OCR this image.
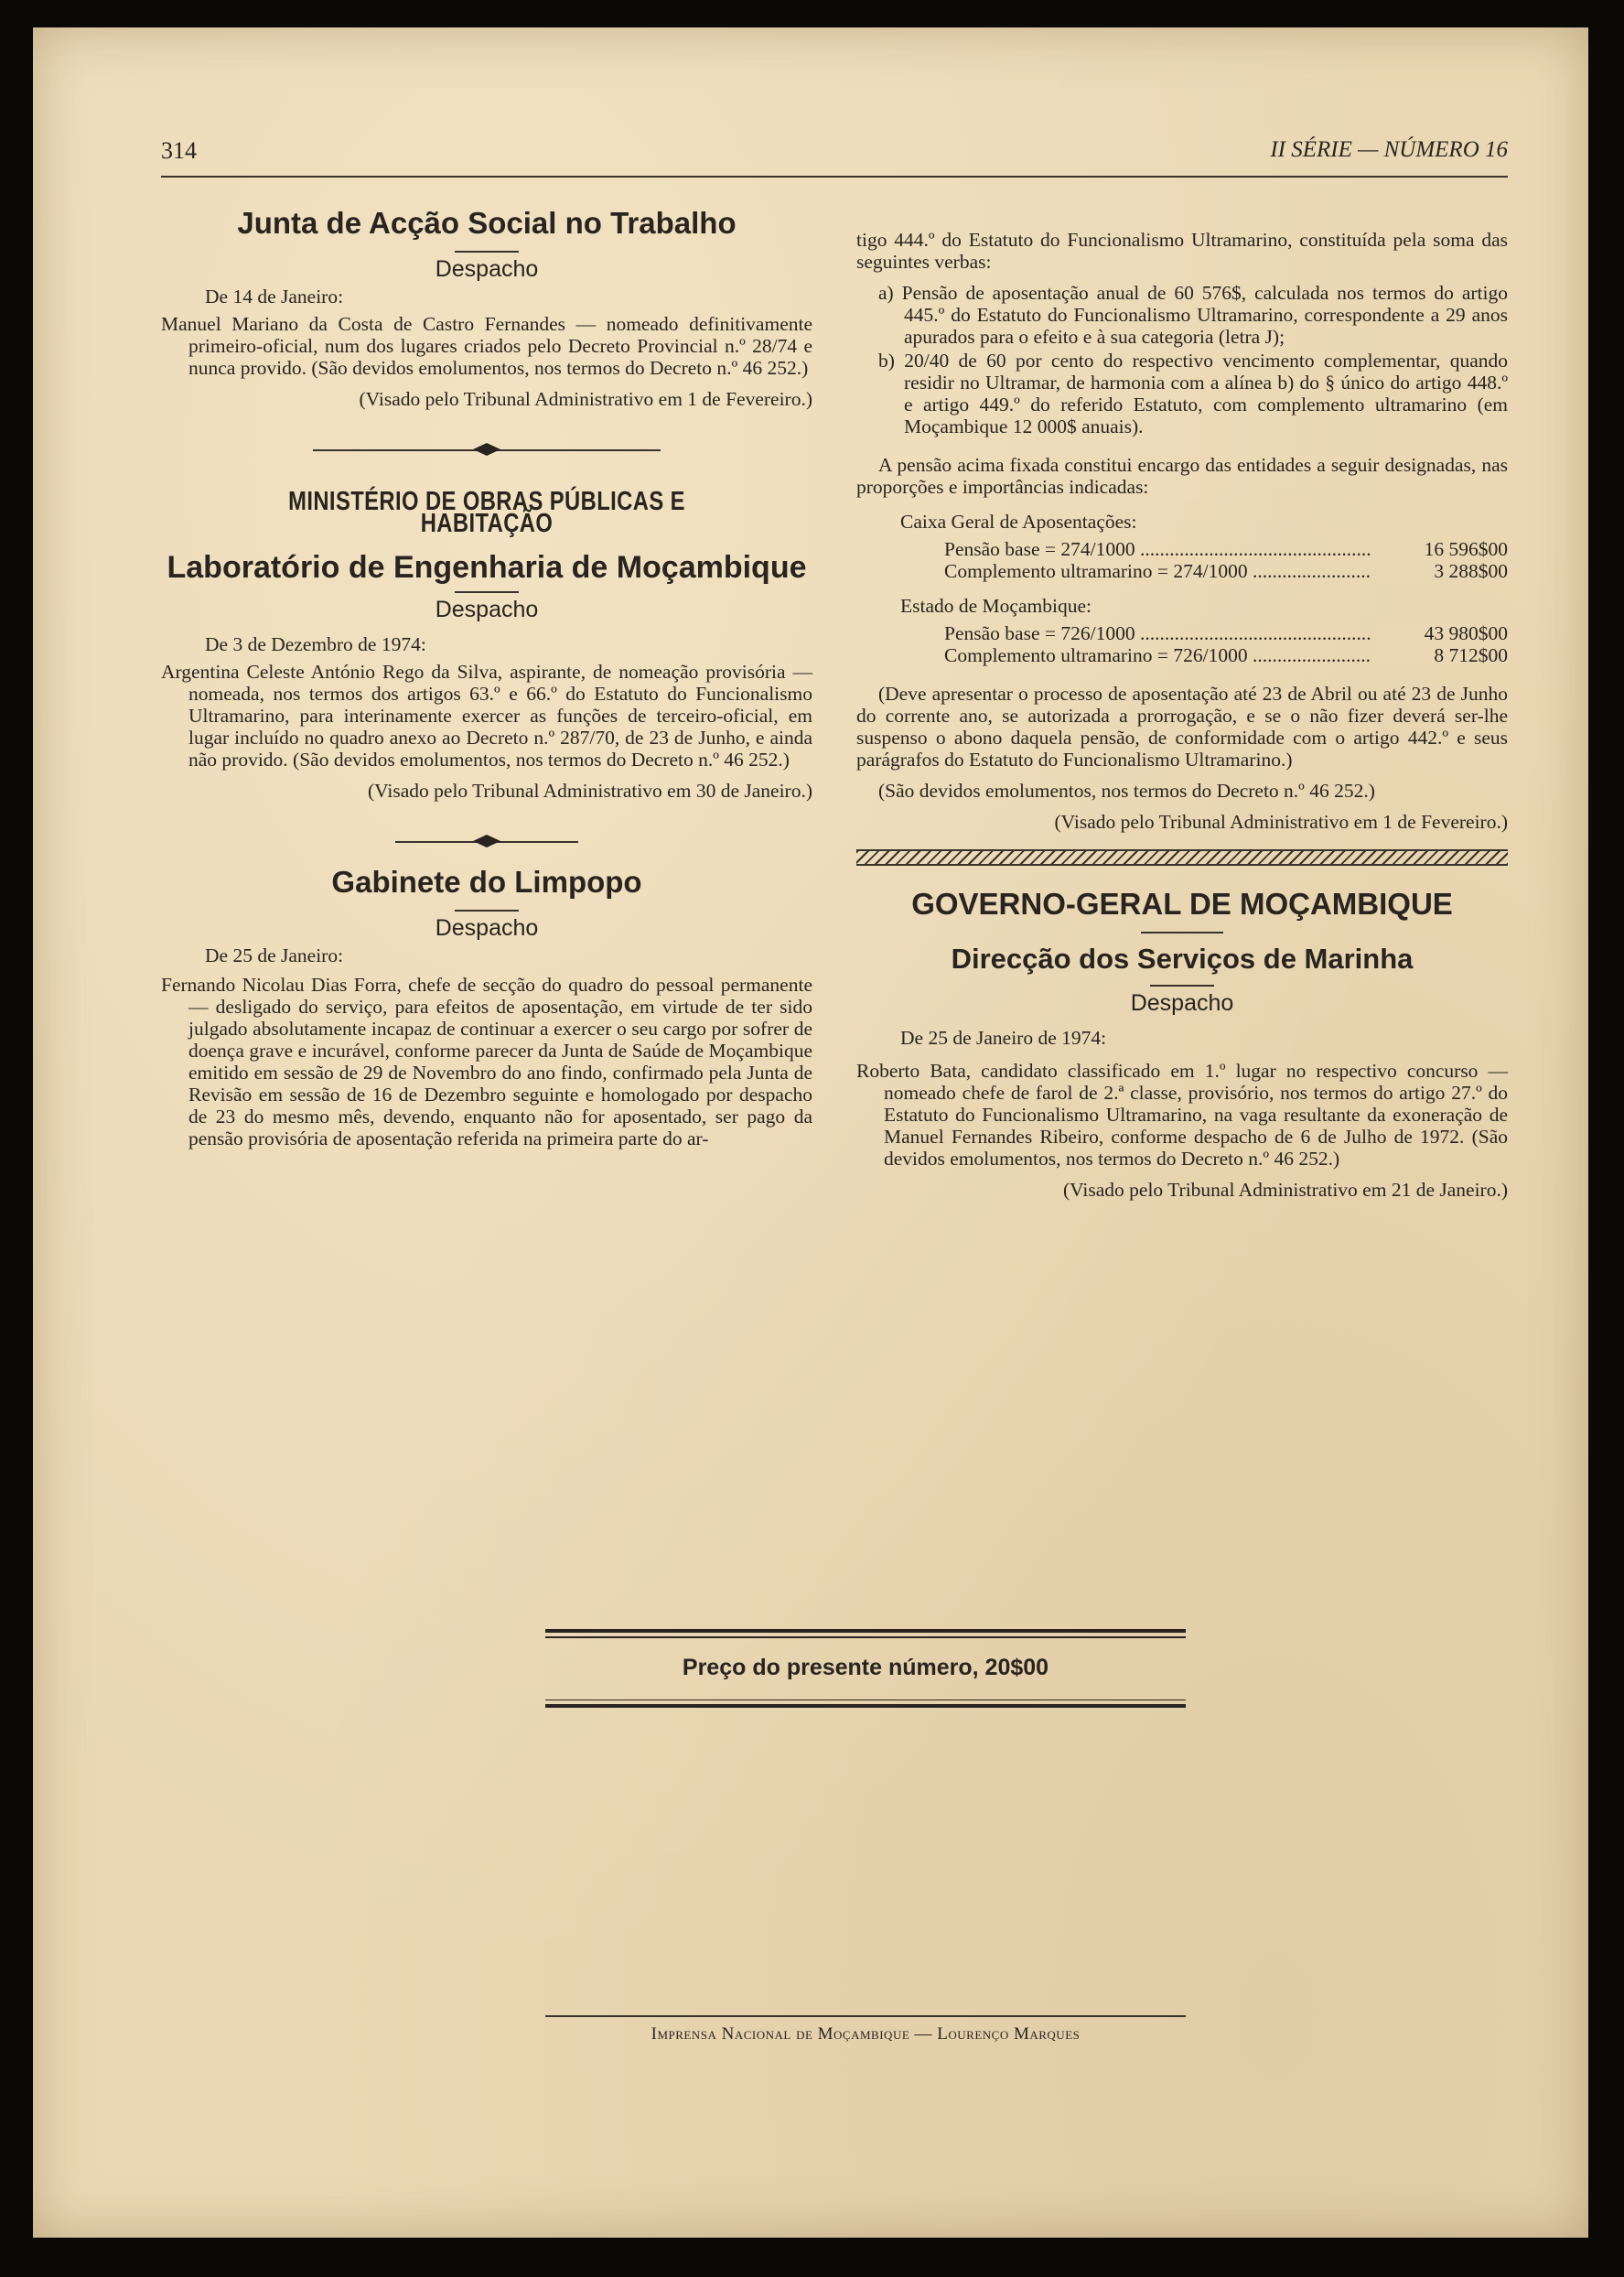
314	II SÉRIE — NÚMERO 16
Junta de Acção Social no Trabalho
Despacho
De 14 de Janeiro:

Manuel Mariano da Costa de Castro Fernandes — nomeado definitivamente primeiro-oficial, num dos lugares criados pelo Decreto Provincial n.º 28/74 e nunca provido. (São devidos emolumentos, nos termos do Decreto n.º 46 252.)

(Visado pelo Tribunal Administrativo em 1 de Fevereiro.)

MINISTÉRIO DE OBRAS PÚBLICAS E HABITAÇÃO
Laboratório de Engenharia de Moçambique
Despacho
De 3 de Dezembro de 1974:

Argentina Celeste António Rego da Silva, aspirante, de nomeação provisória — nomeada, nos termos dos artigos 63.º e 66.º do Estatuto do Funcionalismo Ultramarino, para interinamente exercer as funções de terceiro-oficial, em lugar incluído no quadro anexo ao Decreto n.º 287/70, de 23 de Junho, e ainda não provido. (São devidos emolumentos, nos termos do Decreto n.º 46 252.)

(Visado pelo Tribunal Administrativo em 30 de Janeiro.)

Gabinete do Limpopo
Despacho
De 25 de Janeiro:

Fernando Nicolau Dias Forra, chefe de secção do quadro do pessoal permanente — desligado do serviço, para efeitos de aposentação, em virtude de ter sido julgado absolutamente incapaz de continuar a exercer o seu cargo por sofrer de doença grave e incurável, conforme parecer da Junta de Saúde de Moçambique emitido em sessão de 29 de Novembro do ano findo, confirmado pela Junta de Revisão em sessão de 16 de Dezembro seguinte e homologado por despacho de 23 do mesmo mês, devendo, enquanto não for aposentado, ser pago da pensão provisória de aposentação referida na primeira parte do ar-

tigo 444.º do Estatuto do Funcionalismo Ultramarino, constituída pela soma das seguintes verbas:

a) Pensão de aposentação anual de 60 576$, calculada nos termos do artigo 445.º do Estatuto do Funcionalismo Ultramarino, correspondente a 29 anos apurados para o efeito e à sua categoria (letra J);

b) 20/40 de 60 por cento do respectivo vencimento complementar, quando residir no Ultramar, de harmonia com a alínea b) do § único do artigo 448.º e artigo 449.º do referido Estatuto, com complemento ultramarino (em Moçambique 12 000$ anuais).

A pensão acima fixada constitui encargo das entidades a seguir designadas, nas proporções e importâncias indicadas:

Caixa Geral de Aposentações:
Pensão base = 274/1000 .....	16 596$00
Complemento ultramarino = 274/1000 .....	3 288$00
Estado de Moçambique:
Pensão base = 726/1000 .....	43 980$00
Complemento ultramarino = 726/1000 .....	8 712$00

(Deve apresentar o processo de aposentação até 23 de Abril ou até 23 de Junho do corrente ano, se autorizada a prorrogação, e se o não fizer deverá ser-lhe suspenso o abono daquela pensão, de conformidade com o artigo 442.º e seus parágrafos do Estatuto do Funcionalismo Ultramarino.)

(São devidos emolumentos, nos termos do Decreto n.º 46 252.)

(Visado pelo Tribunal Administrativo em 1 de Fevereiro.)

GOVERNO-GERAL DE MOÇAMBIQUE
Direcção dos Serviços de Marinha
Despacho
De 25 de Janeiro de 1974:

Roberto Bata, candidato classificado em 1.º lugar no respectivo concurso — nomeado chefe de farol de 2.ª classe, provisório, nos termos do artigo 27.º do Estatuto do Funcionalismo Ultramarino, na vaga resultante da exoneração de Manuel Fernandes Ribeiro, conforme despacho de 6 de Julho de 1972. (São devidos emolumentos, nos termos do Decreto n.º 46 252.)

(Visado pelo Tribunal Administrativo em 21 de Janeiro.)

Preço do presente número, 20$00
Imprensa Nacional de Moçambique — Lourenço Marques
